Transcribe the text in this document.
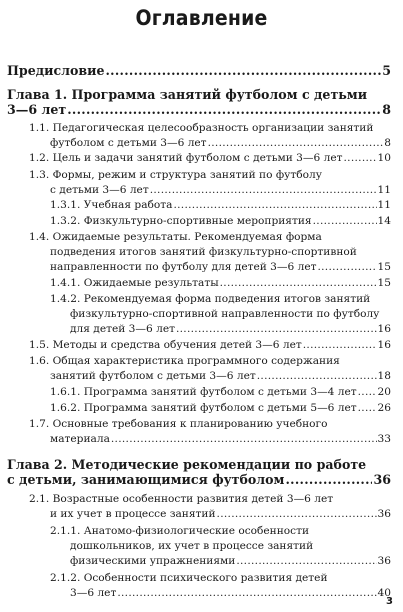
Оглавление
Предисловие .....	5
Глава 1. Программа занятий футболом с детьми
3—6 лет .....	8
1.1. Педагогическая целесообразность организации занятий
футболом с детьми 3—6 лет .....	8
1.2. Цель и задачи занятий футболом с детьми 3—6 лет .....	10
1.3. Формы, режим и структура занятий по футболу
с детьми 3—6 лет .....	11
1.3.1. Учебная работа .....	11
1.3.2. Физкультурно-спортивные мероприятия .....	14
1.4. Ожидаемые результаты. Рекомендуемая форма
подведения итогов занятий физкультурно-спортивной
направленности по футболу для детей 3—6 лет .....	15
1.4.1. Ожидаемые результаты .....	15
1.4.2. Рекомендуемая форма подведения итогов занятий
физкультурно-спортивной направленности по футболу
для детей 3—6 лет .....	16
1.5. Методы и средства обучения детей 3—6 лет .....	16
1.6. Общая характеристика программного содержания
занятий футболом с детьми 3—6 лет .....	18
1.6.1. Программа занятий футболом с детьми 3—4 лет ..... 20
1.6.2. Программа занятий футболом с детьми 5—6 лет ..... 26
1.7. Основные требования к планированию учебного
материала .....	33
Глава 2. Методические рекомендации по работе
с детьми, занимающимися футболом .....	36
2.1. Возрастные особенности развития детей 3—6 лет
и их учет в процессе занятий .....	36
2.1.1. Анатомо-физиологические особенности
дошкольников, их учет в процессе занятий
физическими упражнениями .....	36
2.1.2. Особенности психического развития детей
3—6 лет .....	40
3
